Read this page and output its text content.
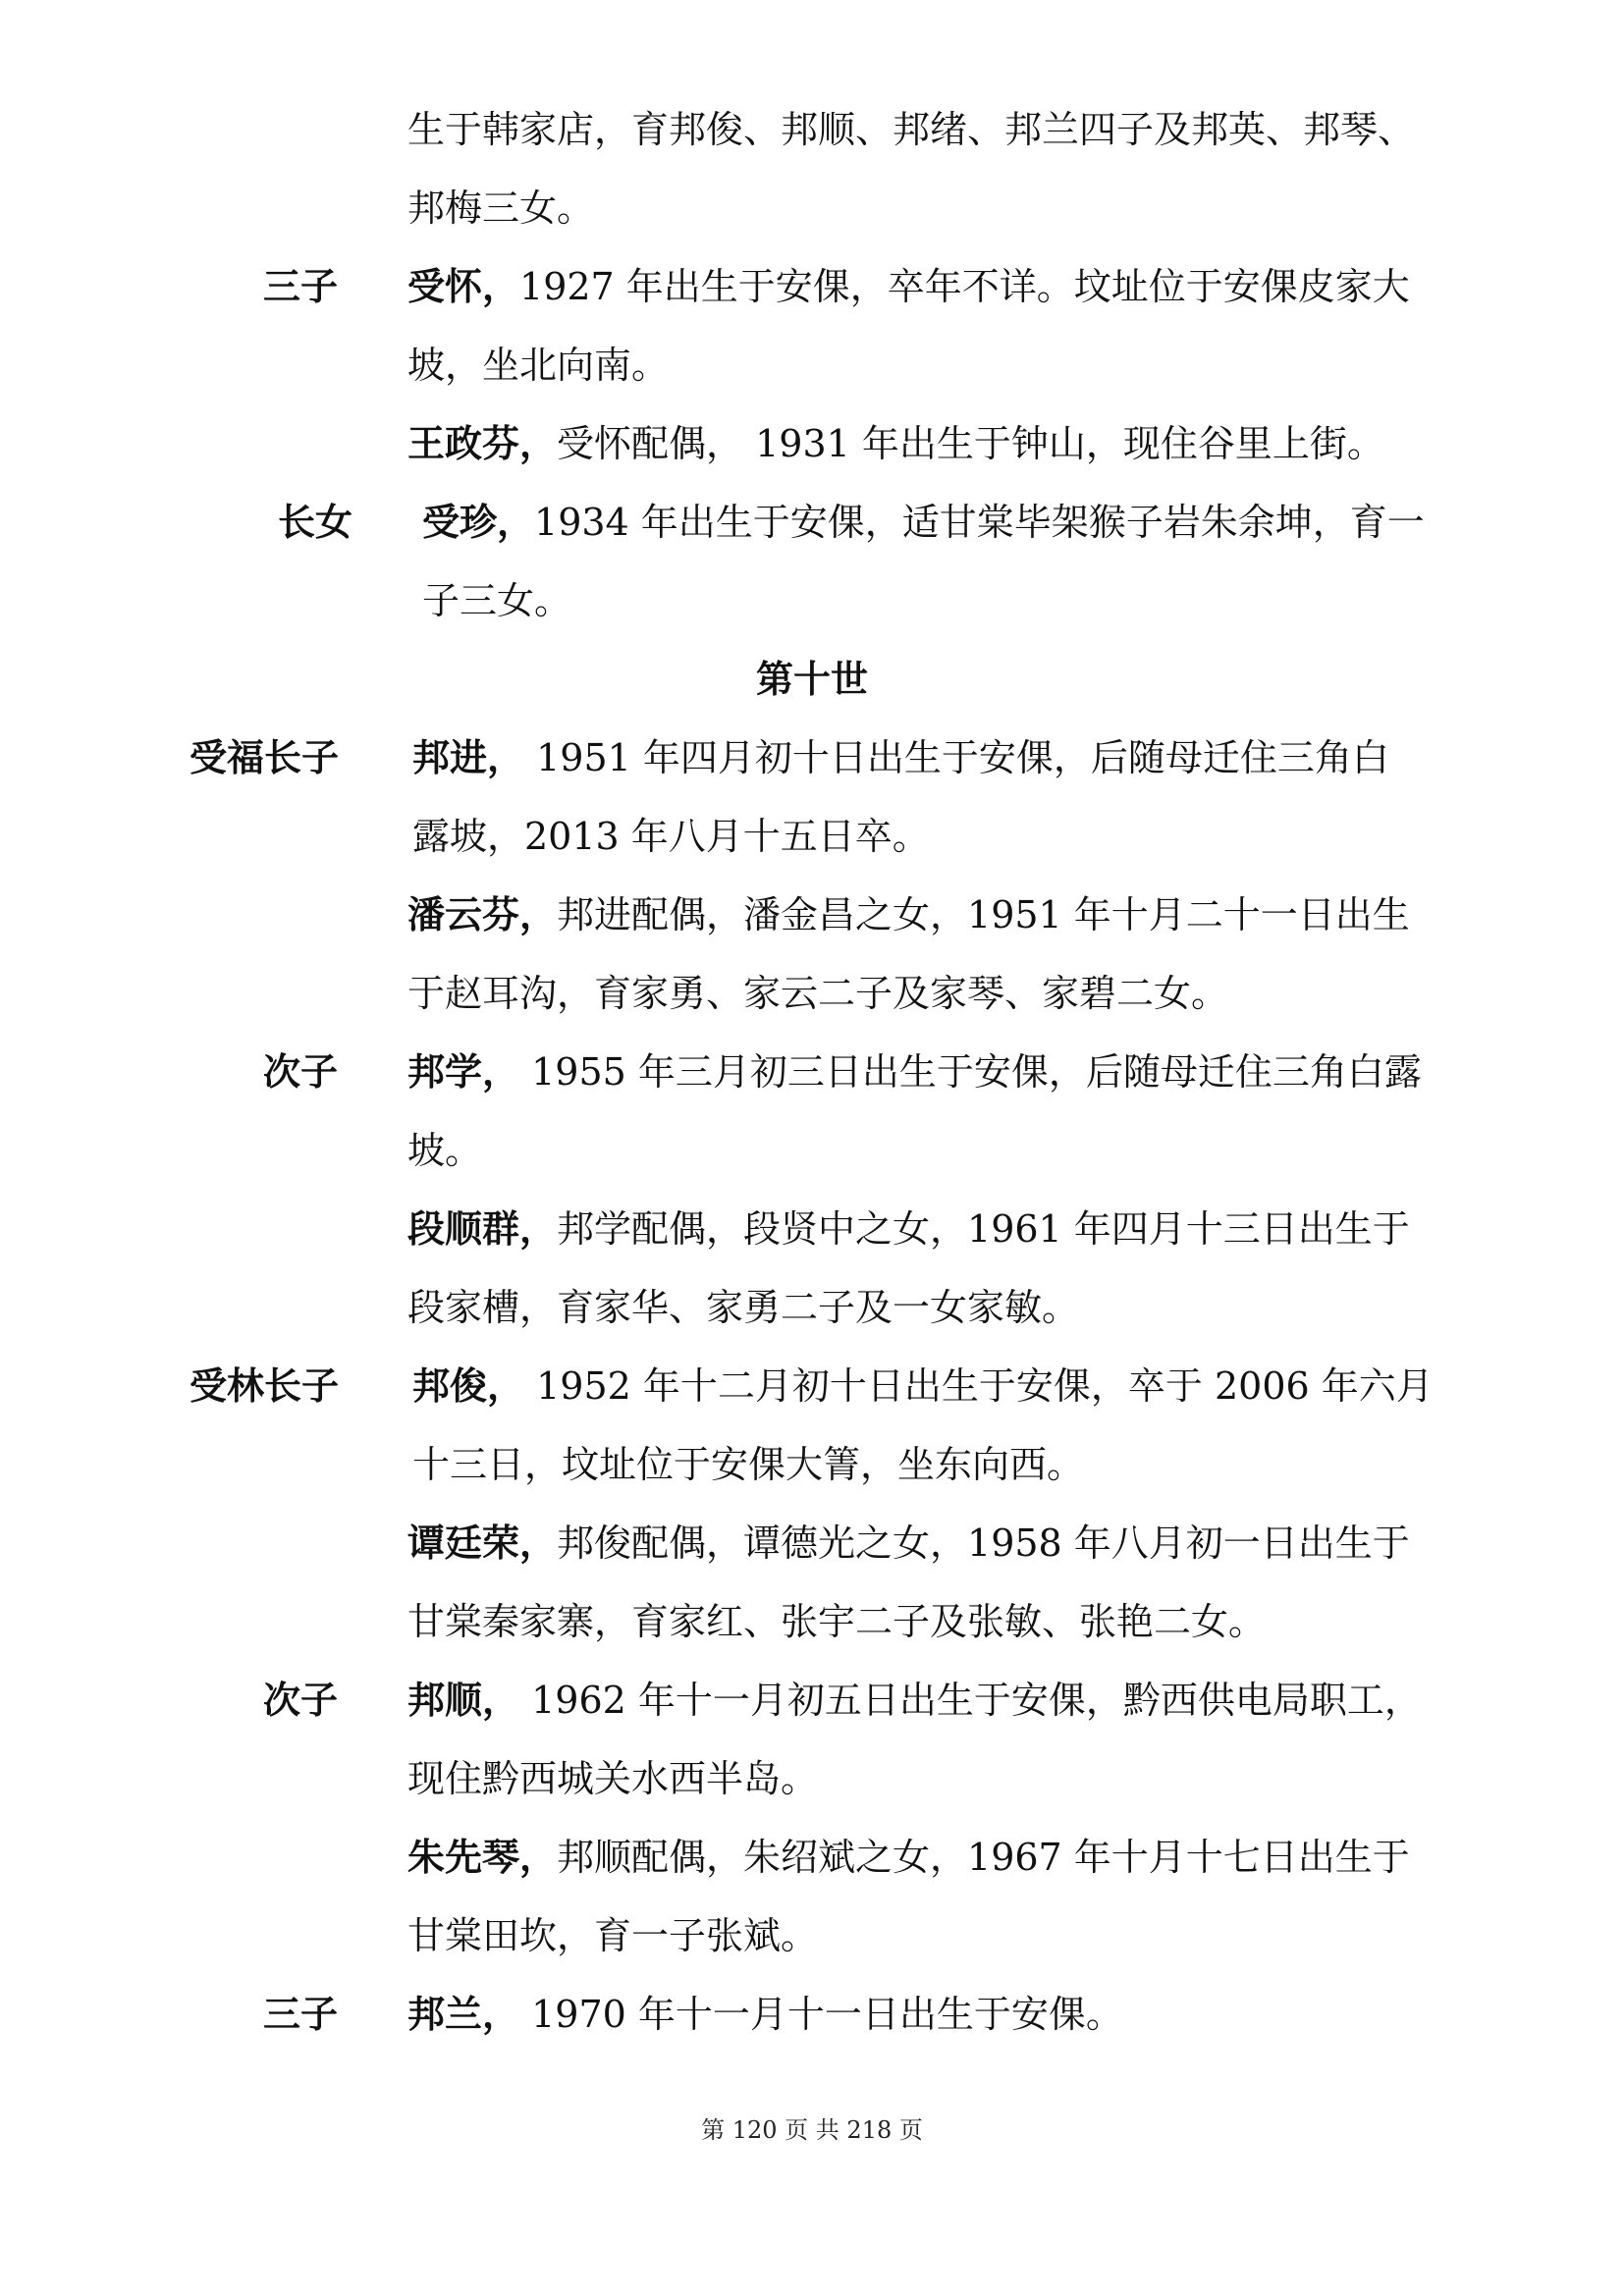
生于韩家店，育邦俊、邦顺、邦绪、邦兰四子及邦英、邦琴、
邦梅三女。
三子 受怀，1927 年出生于安倮，卒年不详。坟址位于安倮皮家大
坡，坐北向南。
王政芬，受怀配偶， 1931 年出生于钟山，现住谷里上街。
长女 受珍，1934 年出生于安倮，适甘棠毕架猴子岩朱余坤，育一
子三女。
第十世
受福长子 邦进， 1951 年四月初十日出生于安倮，后随母迁住三角白
露坡，2013 年八月十五日卒。
潘云芬，邦进配偶，潘金昌之女，1951 年十月二十一日出生
于赵耳沟，育家勇、家云二子及家琴、家碧二女。
次子 邦学， 1955 年三月初三日出生于安倮，后随母迁住三角白露
坡。
段顺群，邦学配偶，段贤中之女，1961 年四月十三日出生于
段家槽，育家华、家勇二子及一女家敏。
受林长子 邦俊， 1952 年十二月初十日出生于安倮，卒于 2006 年六月
十三日，坟址位于安倮大箐，坐东向西。
谭廷荣，邦俊配偶，谭德光之女，1958 年八月初一日出生于
甘棠秦家寨，育家红、张宇二子及张敏、张艳二女。
次子 邦顺， 1962 年十一月初五日出生于安倮，黔西供电局职工，
现住黔西城关水西半岛。
朱先琴，邦顺配偶，朱绍斌之女，1967 年十月十七日出生于
甘棠田坎，育一子张斌。
三子 邦兰， 1970 年十一月十一日出生于安倮。
第 120 页 共 218 页
